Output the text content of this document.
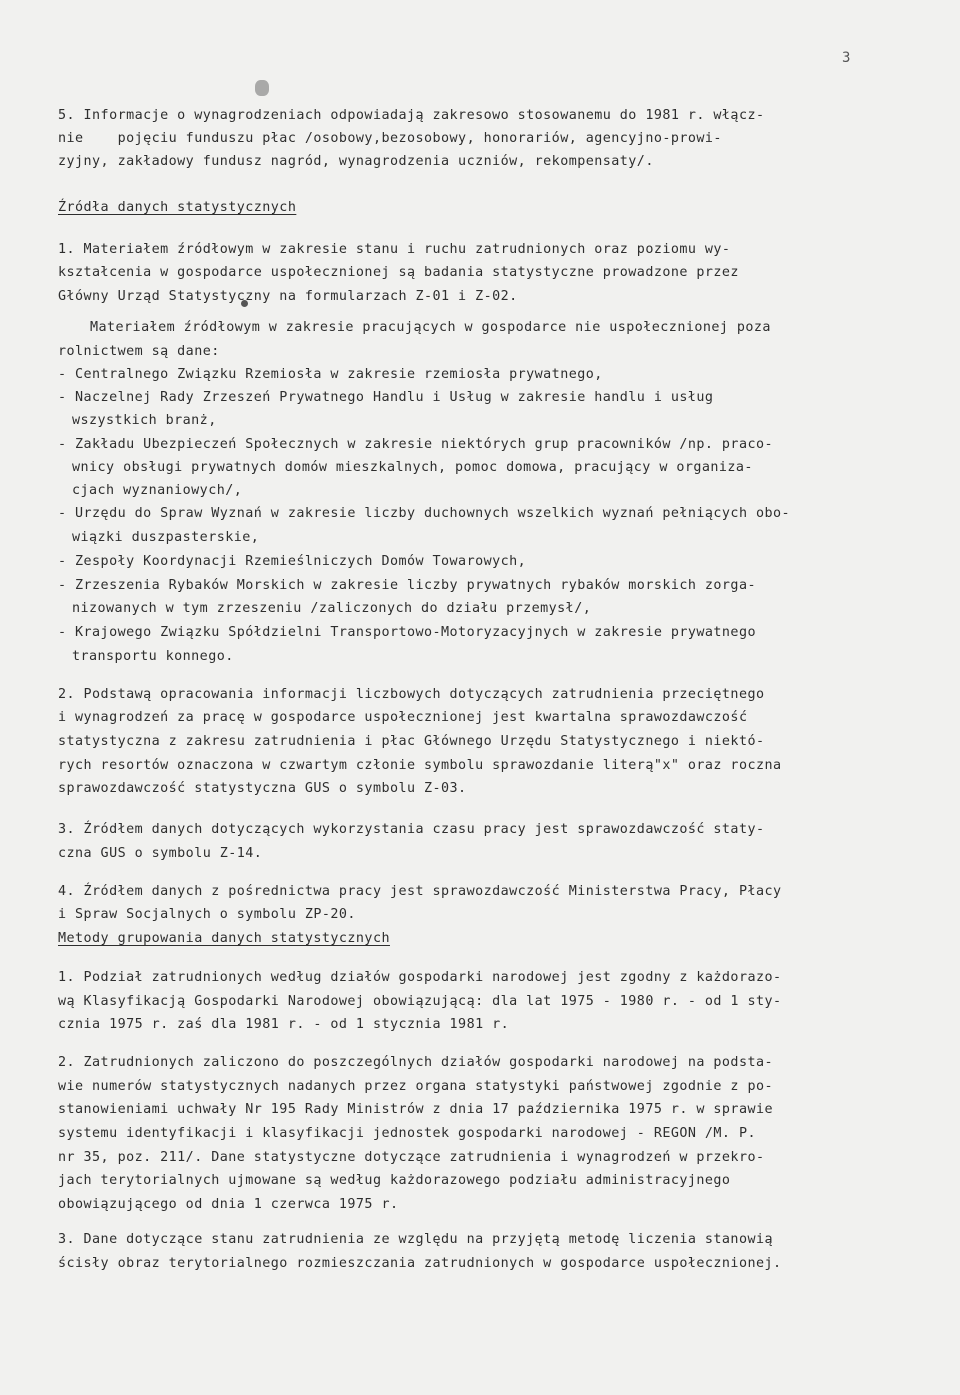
3
5. Informacje o wynagrodzeniach odpowiadają zakresowo stosowanemu do 1981 r. włącz-
nie    pojęciu funduszu płac /osobowy,bezosobowy, honorariów, agencyjno-prowi-
zyjny, zakładowy fundusz nagród, wynagrodzenia uczniów, rekompensaty/.
Źródła danych statystycznych
1. Materiałem źródłowym w zakresie stanu i ruchu zatrudnionych oraz poziomu wy-
kształcenia w gospodarce uspołecznionej są badania statystyczne prowadzone przez
Główny Urząd Statystyczny na formularzach Z-01 i Z-02.
Materiałem źródłowym w zakresie pracujących w gospodarce nie uspołecznionej poza
rolnictwem są dane:
- Centralnego Związku Rzemiosła w zakresie rzemiosła prywatnego,
- Naczelnej Rady Zrzeszeń Prywatnego Handlu i Usług w zakresie handlu i usług
wszystkich branż,
- Zakładu Ubezpieczeń Społecznych w zakresie niektórych grup pracowników /np. praco-
wnicy obsługi prywatnych domów mieszkalnych, pomoc domowa, pracujący w organiza-
cjach wyznaniowych/,
- Urzędu do Spraw Wyznań w zakresie liczby duchownych wszelkich wyznań pełniących obo-
wiązki duszpasterskie,
- Zespoły Koordynacji Rzemieślniczych Domów Towarowych,
- Zrzeszenia Rybaków Morskich w zakresie liczby prywatnych rybaków morskich zorga-
nizowanych w tym zrzeszeniu /zaliczonych do działu przemysł/,
- Krajowego Związku Spółdzielni Transportowo-Motoryzacyjnych w zakresie prywatnego
transportu konnego.
2. Podstawą opracowania informacji liczbowych dotyczących zatrudnienia przeciętnego
i wynagrodzeń za pracę w gospodarce uspołecznionej jest kwartalna sprawozdawczość
statystyczna z zakresu zatrudnienia i płac Głównego Urzędu Statystycznego i niektó-
rych resortów oznaczona w czwartym członie symbolu sprawozdanie literą"x" oraz roczna
sprawozdawczość statystyczna GUS o symbolu Z-03.
3. Źródłem danych dotyczących wykorzystania czasu pracy jest sprawozdawczość staty-
czna GUS o symbolu Z-14.
4. Źródłem danych z pośrednictwa pracy jest sprawozdawczość Ministerstwa Pracy, Płacy
i Spraw Socjalnych o symbolu ZP-20.
Metody grupowania danych statystycznych
1. Podział zatrudnionych według działów gospodarki narodowej jest zgodny z każdorazo-
wą Klasyfikacją Gospodarki Narodowej obowiązującą: dla lat 1975 - 1980 r. - od 1 sty-
cznia 1975 r. zaś dla 1981 r. - od 1 stycznia 1981 r.
2. Zatrudnionych zaliczono do poszczególnych działów gospodarki narodowej na podsta-
wie numerów statystycznych nadanych przez organa statystyki państwowej zgodnie z po-
stanowieniami uchwały Nr 195 Rady Ministrów z dnia 17 października 1975 r. w sprawie
systemu identyfikacji i klasyfikacji jednostek gospodarki narodowej - REGON /M. P.
nr 35, poz. 211/. Dane statystyczne dotyczące zatrudnienia i wynagrodzeń w przekro-
jach terytorialnych ujmowane są według każdorazowego podziału administracyjnego
obowiązującego od dnia 1 czerwca 1975 r.
3. Dane dotyczące stanu zatrudnienia ze względu na przyjętą metodę liczenia stanowią
ścisły obraz terytorialnego rozmieszczania zatrudnionych w gospodarce uspołecznionej.
